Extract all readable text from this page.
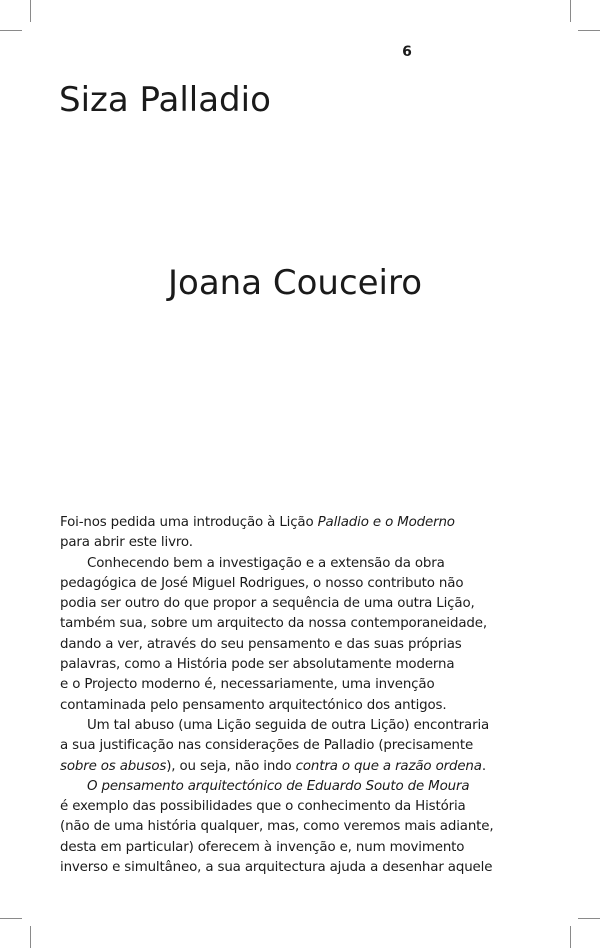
6
Siza Palladio
Joana Couceiro

Foi-nos pedida uma introdução à Lição Palladio e o Moderno

para abrir este livro.

Conhecendo bem a investigação e a extensão da obra

pedagógica de José Miguel Rodrigues, o nosso contributo não

podia ser outro do que propor a sequência de uma outra Lição,

também sua, sobre um arquitecto da nossa contemporaneidade,

dando a ver, através do seu pensamento e das suas próprias

palavras, como a História pode ser absolutamente moderna

e o Projecto moderno é, necessariamente, uma invenção

contaminada pelo pensamento arquitectónico dos antigos.

Um tal abuso (uma Lição seguida de outra Lição) encontraria

a sua justificação nas considerações de Palladio (precisamente

sobre os abusos), ou seja, não indo contra o que a razão ordena.

O pensamento arquitectónico de Eduardo Souto de Moura

é exemplo das possibilidades que o conhecimento da História

(não de uma história qualquer, mas, como veremos mais adiante,

desta em particular) oferecem à invenção e, num movimento

inverso e simultâneo, a sua arquitectura ajuda a desenhar aquele
